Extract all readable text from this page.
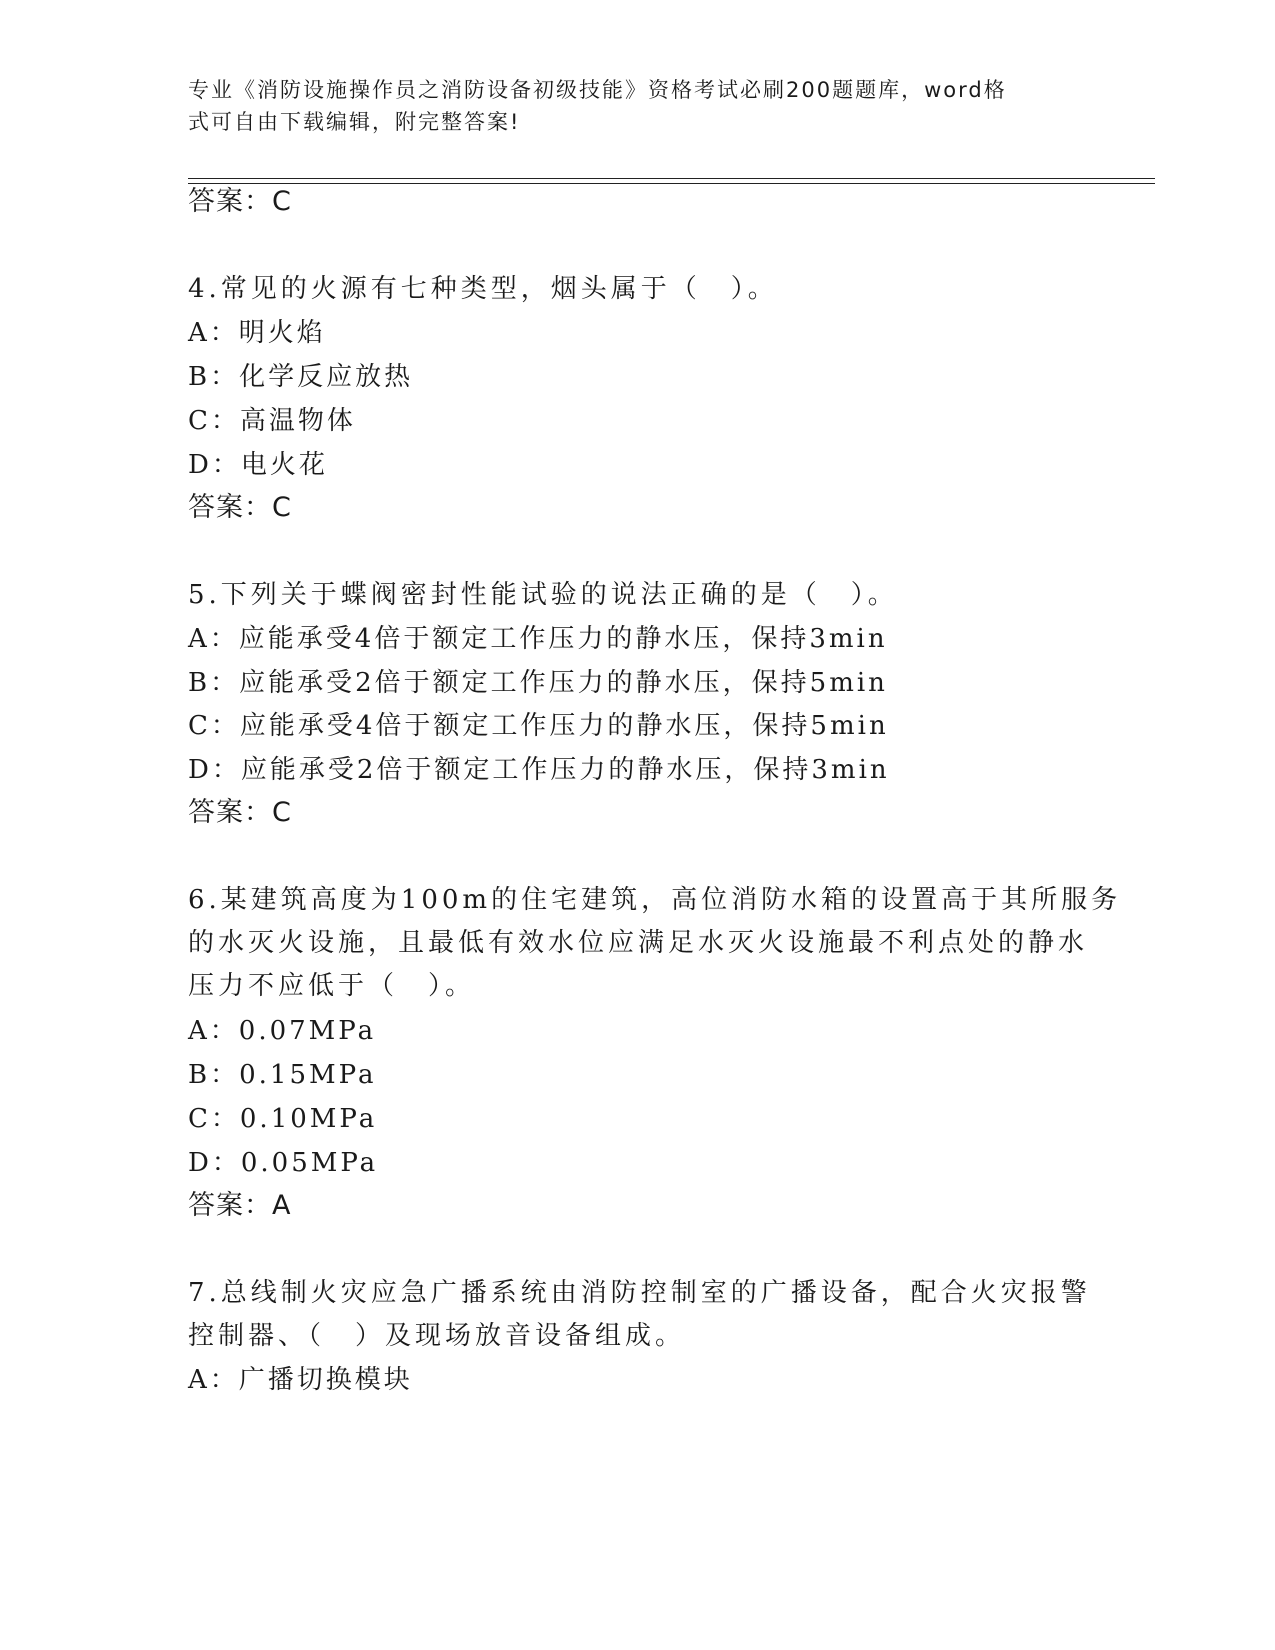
专业《消防设施操作员之消防设备初级技能》资格考试必刷200题题库，word格
式可自由下载编辑，附完整答案!
答案：C
4.常见的火源有七种类型，烟头属于（　）。
A：明火焰
B：化学反应放热
C：高温物体
D：电火花
答案：C
5.下列关于蝶阀密封性能试验的说法正确的是（　）。
A：应能承受4倍于额定工作压力的静水压，保持3min
B：应能承受2倍于额定工作压力的静水压，保持5min
C：应能承受4倍于额定工作压力的静水压，保持5min
D：应能承受2倍于额定工作压力的静水压，保持3min
答案：C
6.某建筑高度为100m的住宅建筑，高位消防水箱的设置高于其所服务
的水灭火设施，且最低有效水位应满足水灭火设施最不利点处的静水
压力不应低于（　）。
A：0.07MPa
B：0.15MPa
C：0.10MPa
D：0.05MPa
答案：A
7.总线制火灾应急广播系统由消防控制室的广播设备，配合火灾报警
控制器、（　）及现场放音设备组成。
A：广播切换模块
